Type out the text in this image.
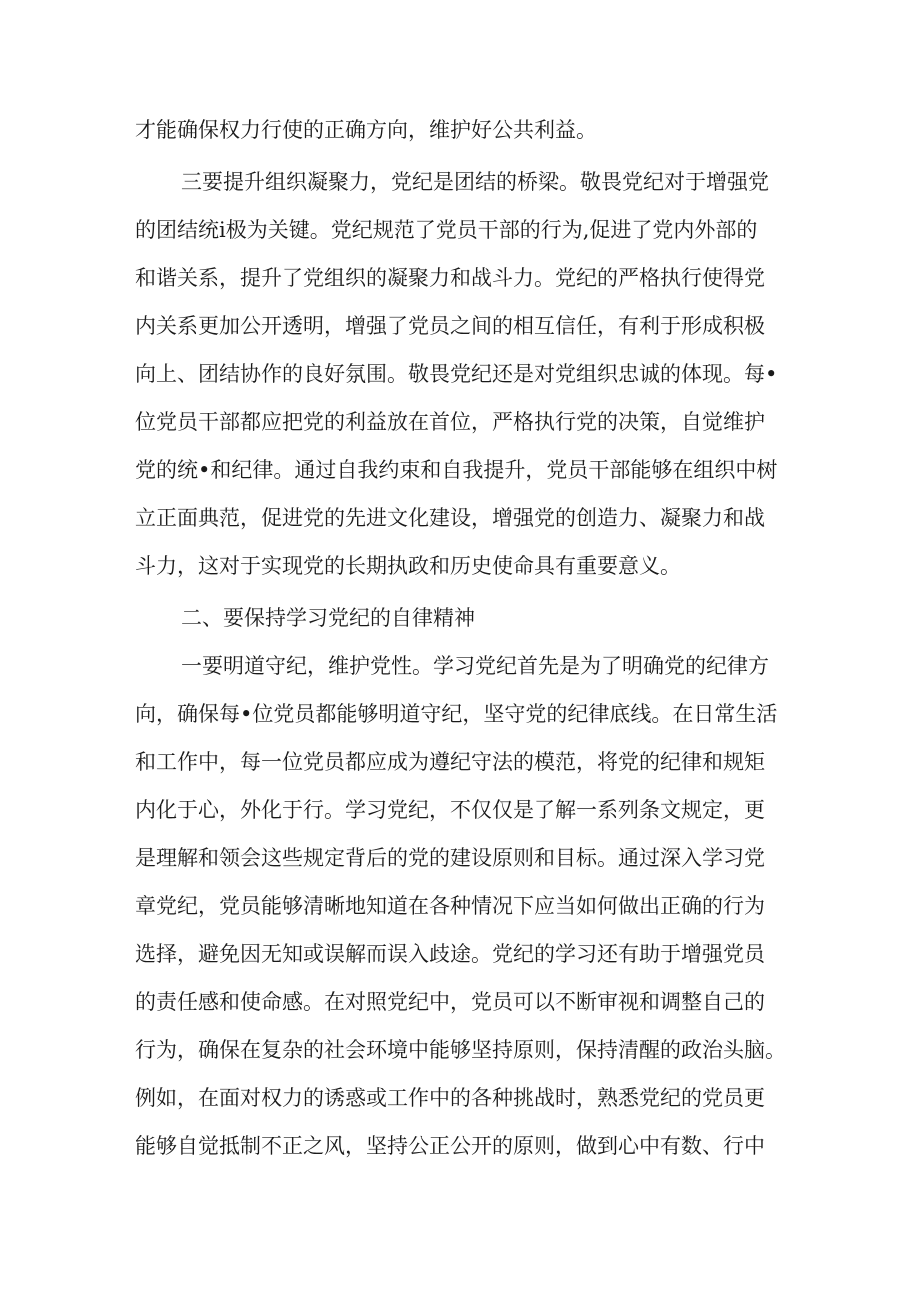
才能确保权力行使的正确方向，维护好公共利益。
三要提升组织凝聚力，党纪是团结的桥梁。敬畏党纪对于增强党
的团结统i极为关键。党纪规范了党员干部的行为,促进了党内外部的
和谐关系，提升了党组织的凝聚力和战斗力。党纪的严格执行使得党
内关系更加公开透明，增强了党员之间的相互信任，有利于形成积极
向上、团结协作的良好氛围。敬畏党纪还是对党组织忠诚的体现。每•
位党员干部都应把党的利益放在首位，严格执行党的决策，自觉维护
党的统•和纪律。通过自我约束和自我提升，党员干部能够在组织中树
立正面典范，促进党的先进文化建设，增强党的创造力、凝聚力和战
斗力，这对于实现党的长期执政和历史使命具有重要意义。
二、要保持学习党纪的自律精神
一要明道守纪，维护党性。学习党纪首先是为了明确党的纪律方
向，确保每•位党员都能够明道守纪，坚守党的纪律底线。在日常生活
和工作中，每一位党员都应成为遵纪守法的模范，将党的纪律和规矩
内化于心，外化于行。学习党纪，不仅仅是了解一系列条文规定，更
是理解和领会这些规定背后的党的建设原则和目标。通过深入学习党
章党纪，党员能够清晰地知道在各种情况下应当如何做出正确的行为
选择，避免因无知或误解而误入歧途。党纪的学习还有助于增强党员
的责任感和使命感。在对照党纪中，党员可以不断审视和调整自己的
行为，确保在复杂的社会环境中能够坚持原则，保持清醒的政治头脑。
例如，在面对权力的诱惑或工作中的各种挑战时，熟悉党纪的党员更
能够自觉抵制不正之风，坚持公正公开的原则，做到心中有数、行中
